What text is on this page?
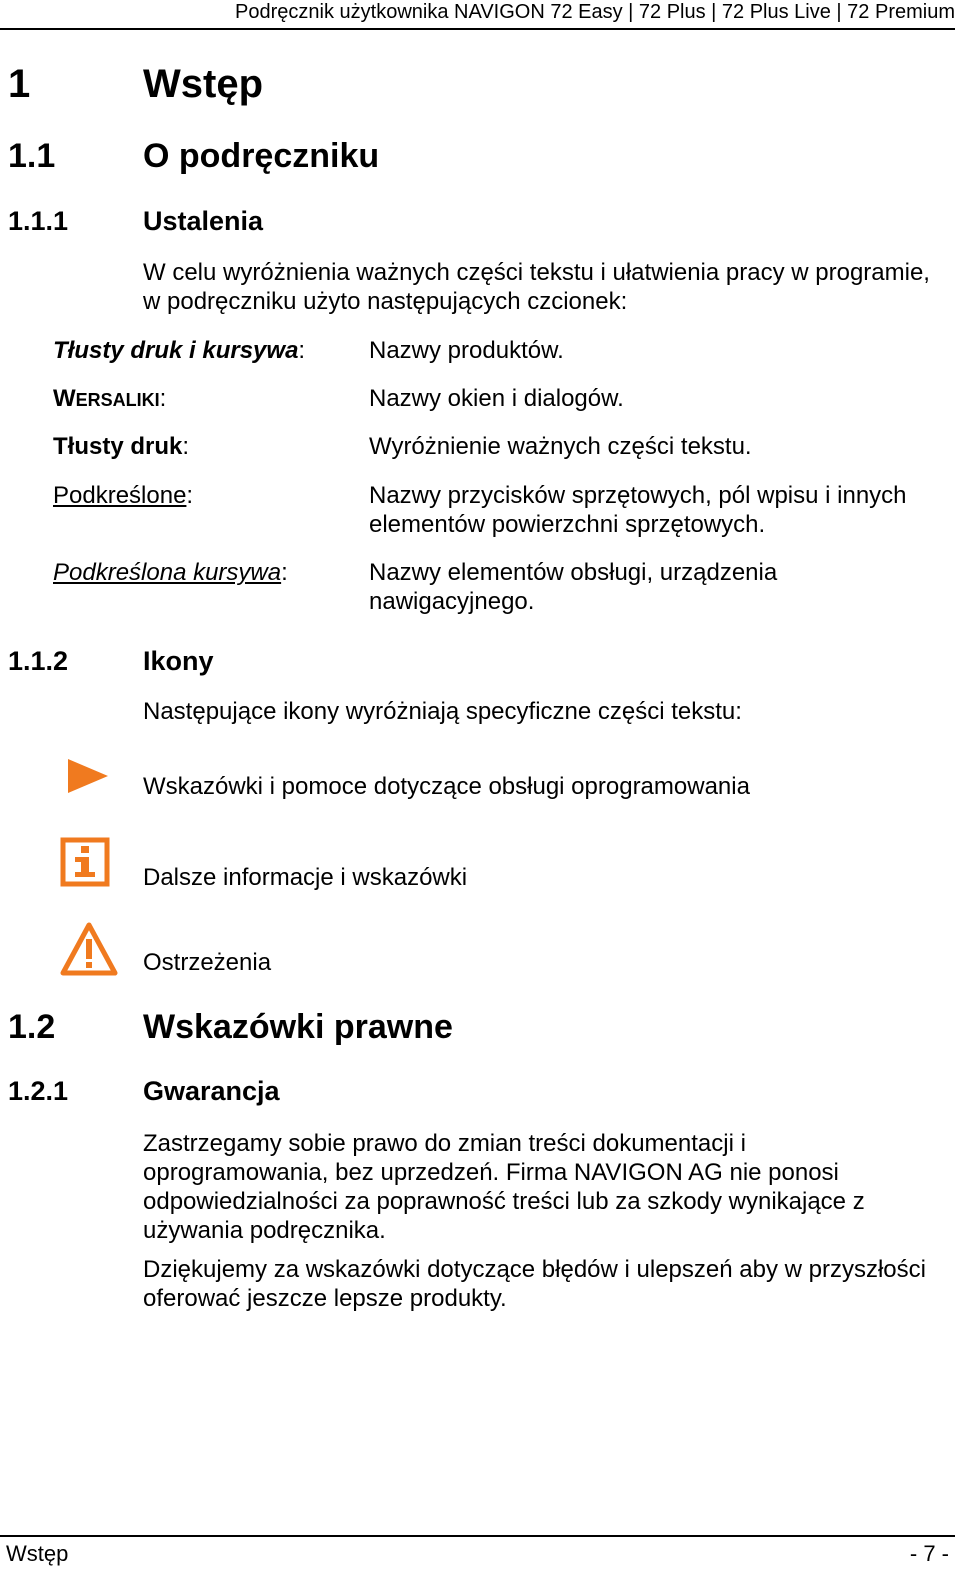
Podręcznik użytkownika NAVIGON 72 Easy | 72 Plus | 72 Plus Live | 72 Premium
1	Wstęp
1.1	O podręczniku
1.1.1	Ustalenia

W celu wyróżnienia ważnych części tekstu i ułatwienia pracy w programie, w podręczniku użyto następujących czcionek:

Tłusty druk i kursywa:	Nazwy produktów.
WERSALIKI:	Nazwy okien i dialogów.
Tłusty druk:	Wyróżnienie ważnych części tekstu.
Podkreślone:	Nazwy przycisków sprzętowych, pól wpisu i innych elementów powierzchni sprzętowych.
Podkreślona kursywa:	Nazwy elementów obsługi, urządzenia nawigacyjnego.
1.1.2	Ikony

Następujące ikony wyróżniają specyficzne części tekstu:

Wskazówki i pomoce dotyczące obsługi oprogramowania
Dalsze informacje i wskazówki
Ostrzeżenia
1.2	Wskazówki prawne
1.2.1	Gwarancja

Zastrzegamy sobie prawo do zmian treści dokumentacji i oprogramowania, bez uprzedzeń. Firma NAVIGON AG nie ponosi odpowiedzialności za poprawność treści lub za szkody wynikające z używania podręcznika.

Dziękujemy za wskazówki dotyczące błędów i ulepszeń aby w przyszłości oferować jeszcze lepsze produkty.

Wstęp	- 7 -
